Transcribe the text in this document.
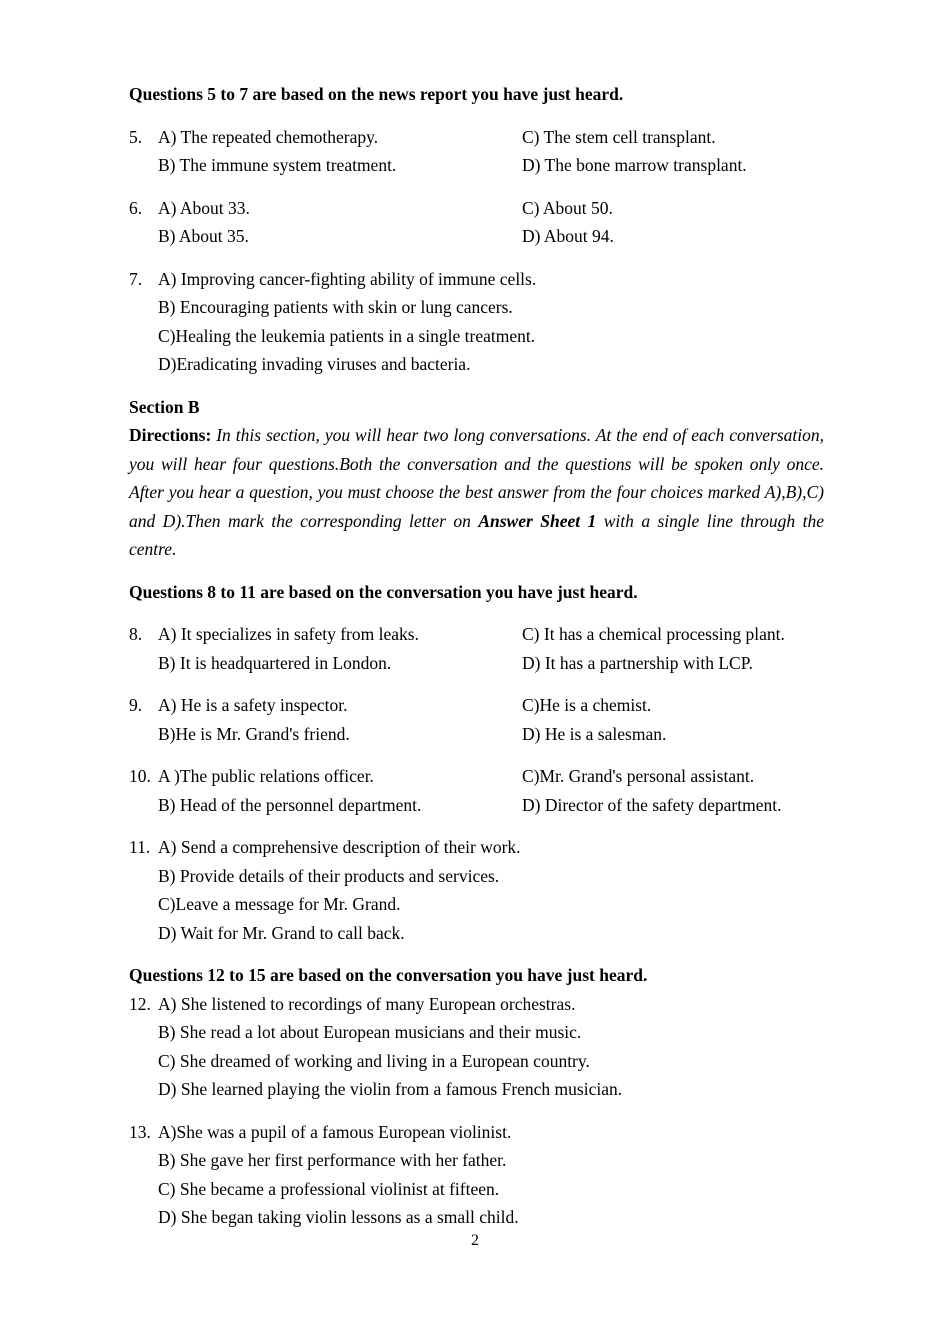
Questions 5 to 7 are based on the news report you have just heard.
5. A) The repeated chemotherapy.	C) The stem cell transplant.
B) The immune system treatment.	D) The bone marrow transplant.
6. A) About 33.	C) About 50.
B) About 35.	D) About 94.
7. A) Improving cancer-fighting ability of immune cells.
B) Encouraging patients with skin or lung cancers.
C)Healing the leukemia patients in a single treatment.
D)Eradicating invading viruses and bacteria.
Section B
Directions: In this section, you will hear two long conversations. At the end of each conversation, you will hear four questions.Both the conversation and the questions will be spoken only once. After you hear a question, you must choose the best answer from the four choices marked A),B),C) and D).Then mark the corresponding letter on Answer Sheet 1 with a single line through the centre.
Questions 8 to 11 are based on the conversation you have just heard.
8. A) It specializes in safety from leaks.	C) It has a chemical processing plant.
B) It is headquartered in London.	D) It has a partnership with LCP.
9. A) He is a safety inspector.	C)He is a chemist.
B)He is Mr. Grand's friend.	D) He is a salesman.
10. A )The public relations officer.	C)Mr. Grand's personal assistant.
B) Head of the personnel department.	D) Director of the safety department.
11. A) Send a comprehensive description of their work.
B) Provide details of their products and services.
C)Leave a message for Mr. Grand.
D) Wait for Mr. Grand to call back.
Questions 12 to 15 are based on the conversation you have just heard.
12. A) She listened to recordings of many European orchestras.
B) She read a lot about European musicians and their music.
C) She dreamed of working and living in a European country.
D) She learned playing the violin from a famous French musician.
13. A)She was a pupil of a famous European violinist.
B) She gave her first performance with her father.
C) She became a professional violinist at fifteen.
D) She began taking violin lessons as a small child.
2
